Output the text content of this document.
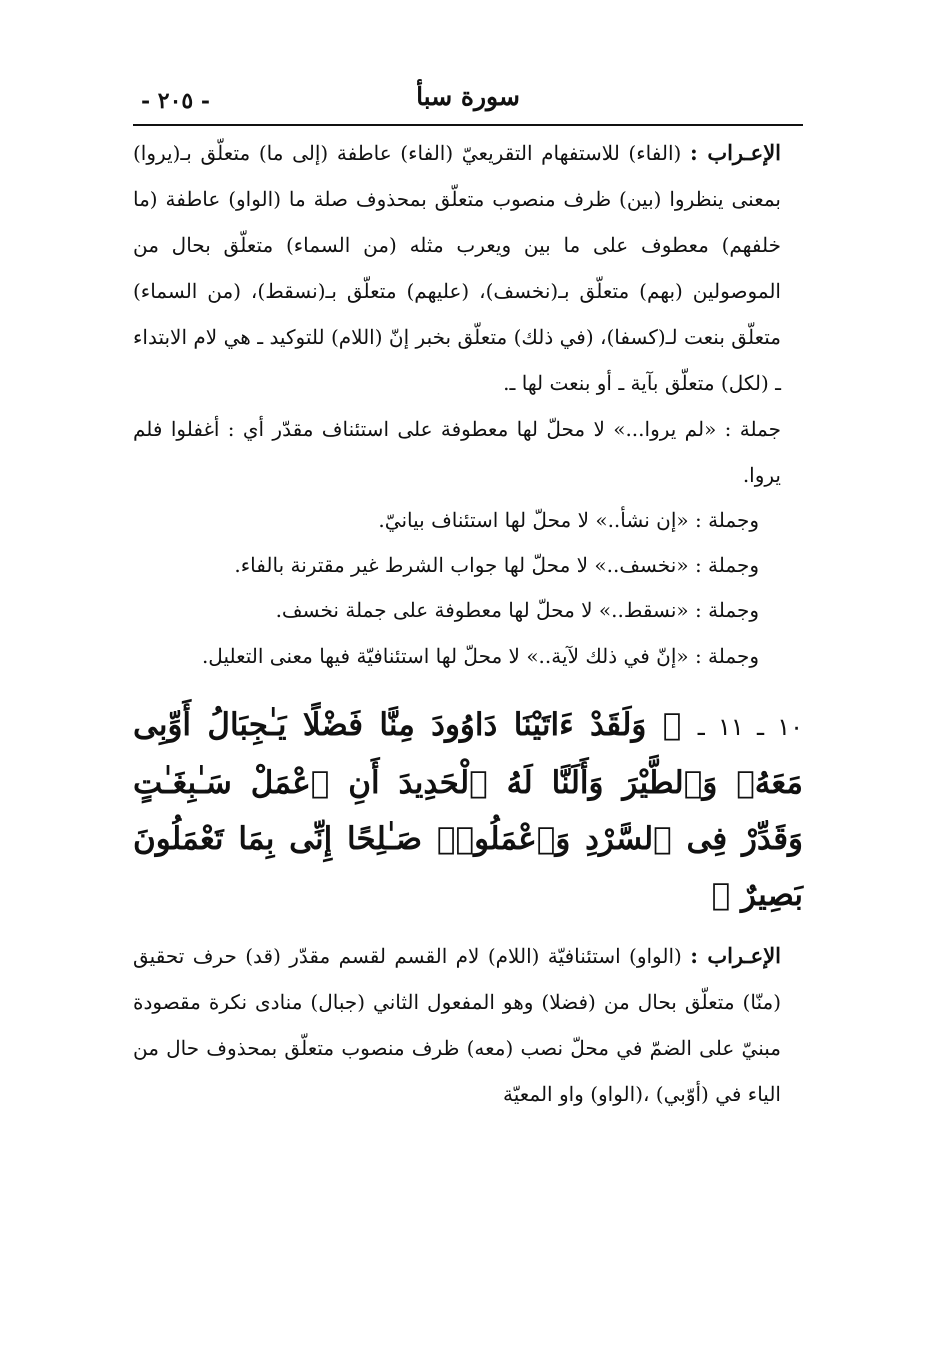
سورة سبأ
- ٢٠٥ -

الإعـراب : (الفاء) للاستفهام التقريعيّ (الفاء) عاطفة (إلى ما) متعلّق بـ(يروا) بمعنى ينظروا (بين) ظرف منصوب متعلّق بمحذوف صلة ما (الواو) عاطفة (ما خلفهم) معطوف على ما بين ويعرب مثله (من السماء) متعلّق بحال من الموصولين (بهم) متعلّق بـ(نخسف)، (عليهم) متعلّق بـ(نسقط)، (من السماء) متعلّق بنعت لـ(كسفا)، (في ذلك) متعلّق بخبر إنّ (اللام) للتوكيد ـ هي لام الابتداء ـ (لكل) متعلّق بآية ـ أو بنعت لها ـ.

جملة : «لم يروا...» لا محلّ لها معطوفة على استئناف مقدّر أي : أغفلوا فلم يروا.

وجملة : «إن نشأ..» لا محلّ لها استئناف بيانيّ.

وجملة : «نخسف..» لا محلّ لها جواب الشرط غير مقترنة بالفاء.

وجملة : «نسقط..» لا محلّ لها معطوفة على جملة نخسف.

وجملة : «إنّ في ذلك لآية..» لا محلّ لها استئنافيّة فيها معنى التعليل.

١٠ ـ ١١ ـ ﴿ وَلَقَدْ ءَاتَيْنَا دَاوُودَ مِنَّا فَضْلًا يَـٰجِبَالُ أَوِّبِى مَعَهُۥ وَٱلطَّيْرَ وَأَلَنَّا لَهُ ٱلْحَدِيدَ أَنِ ٱعْمَلْ سَـٰبِغَـٰتٍ وَقَدِّرْ فِى ٱلسَّرْدِ وَٱعْمَلُوا۟ صَـٰلِحًا إِنِّى بِمَا تَعْمَلُونَ بَصِيرٌ ﴾

الإعـراب : (الواو) استئنافيّة (اللام) لام القسم لقسم مقدّر (قد) حرف تحقيق (منّا) متعلّق بحال من (فضلا) وهو المفعول الثاني (جبال) منادى نكرة مقصودة مبنيّ على الضمّ في محلّ نصب (معه) ظرف منصوب متعلّق بمحذوف حال من الياء في (أوّبي) ،(الواو) واو المعيّة
